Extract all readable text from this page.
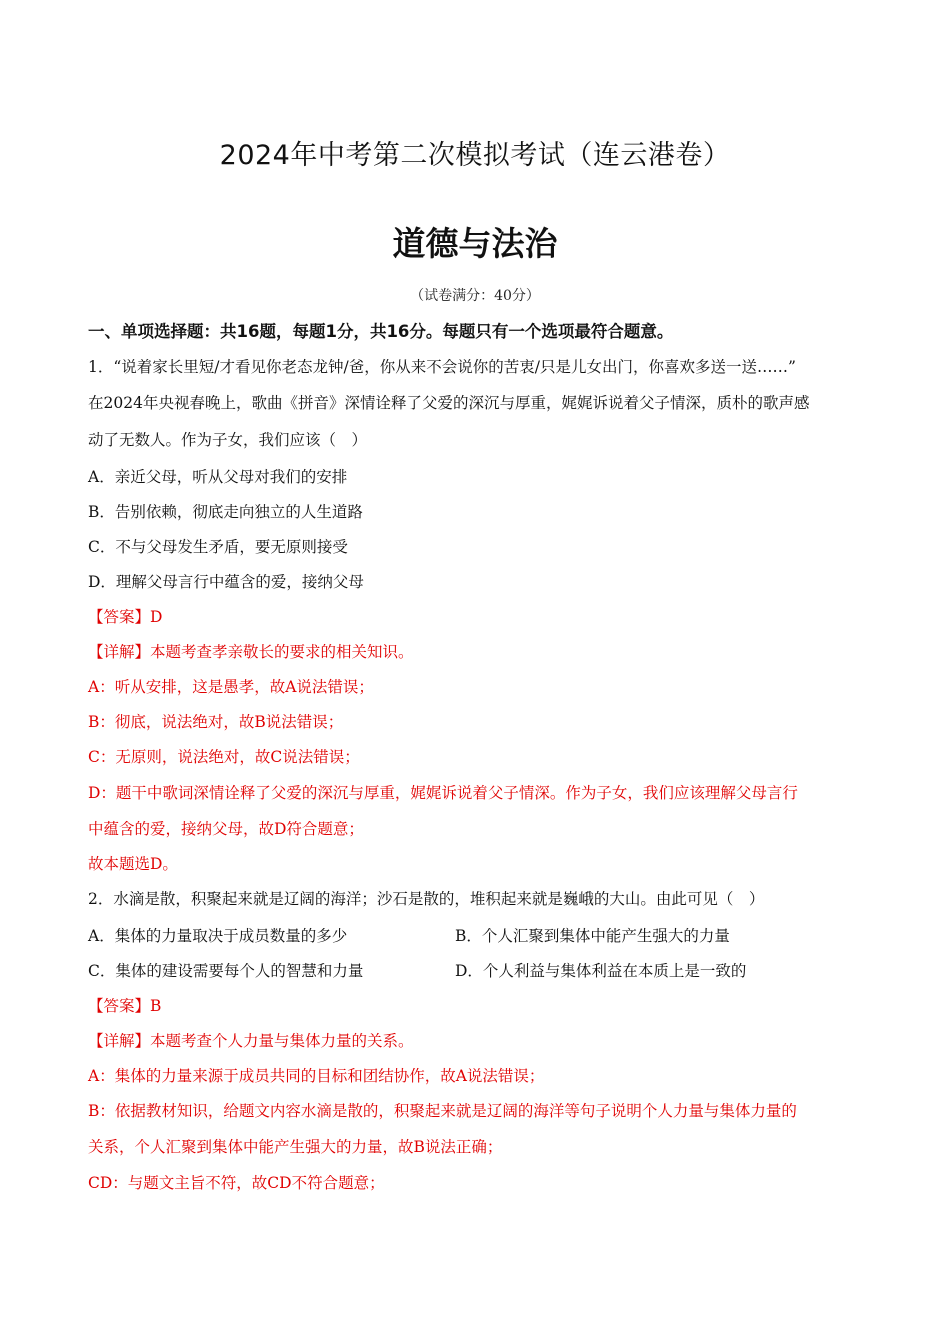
2024年中考第二次模拟考试（连云港卷）
道德与法治
（试卷满分：40分）
一、单项选择题：共16题，每题1分，共16分。每题只有一个选项最符合题意。
1．“说着家长里短/才看见你老态龙钟/爸，你从来不会说你的苦衷/只是儿女出门，你喜欢多送一送……”
在2024年央视春晚上，歌曲《拼音》深情诠释了父爱的深沉与厚重，娓娓诉说着父子情深，质朴的歌声感
动了无数人。作为子女，我们应该（　）
A．亲近父母，听从父母对我们的安排
B．告别依赖，彻底走向独立的人生道路
C．不与父母发生矛盾，要无原则接受
D．理解父母言行中蕴含的爱，接纳父母
【答案】D
【详解】本题考查孝亲敬长的要求的相关知识。
A：听从安排，这是愚孝，故A说法错误；
B：彻底，说法绝对，故B说法错误；
C：无原则，说法绝对，故C说法错误；
D：题干中歌词深情诠释了父爱的深沉与厚重，娓娓诉说着父子情深。作为子女，我们应该理解父母言行
中蕴含的爱，接纳父母，故D符合题意；
故本题选D。
2．水滴是散，积聚起来就是辽阔的海洋；沙石是散的，堆积起来就是巍峨的大山。由此可见（　）
A．集体的力量取决于成员数量的多少	B．个人汇聚到集体中能产生强大的力量
C．集体的建设需要每个人的智慧和力量	D．个人利益与集体利益在本质上是一致的
【答案】B
【详解】本题考查个人力量与集体力量的关系。
A：集体的力量来源于成员共同的目标和团结协作，故A说法错误；
B：依据教材知识，给题文内容水滴是散的，积聚起来就是辽阔的海洋等句子说明个人力量与集体力量的
关系，个人汇聚到集体中能产生强大的力量，故B说法正确；
CD：与题文主旨不符，故CD不符合题意；
